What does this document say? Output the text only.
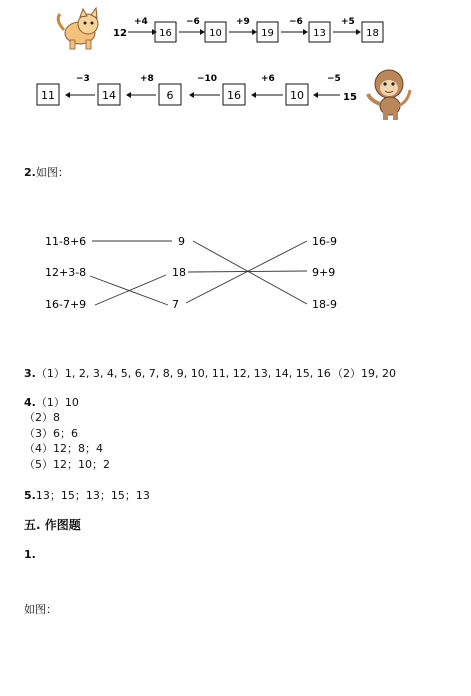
12
+4
16
−6
10
+9
19
−6
13
+5
18
15
−5
10
+6
16
−10
6
+8
14
−3
11
2.如图：
11-8+6
12+3-8
16-7+9
9
18
7
16-9
9+9
18-9
3.（1）1, 2, 3, 4, 5, 6, 7, 8, 9, 10, 11, 12, 13, 14, 15, 16 （2）19, 20
4.（1）10
（2）8
（3）6；6
（4）12；8；4
（5）12；10；2
5.13；15；13；15；13
五. 作图题
1.
如图：
